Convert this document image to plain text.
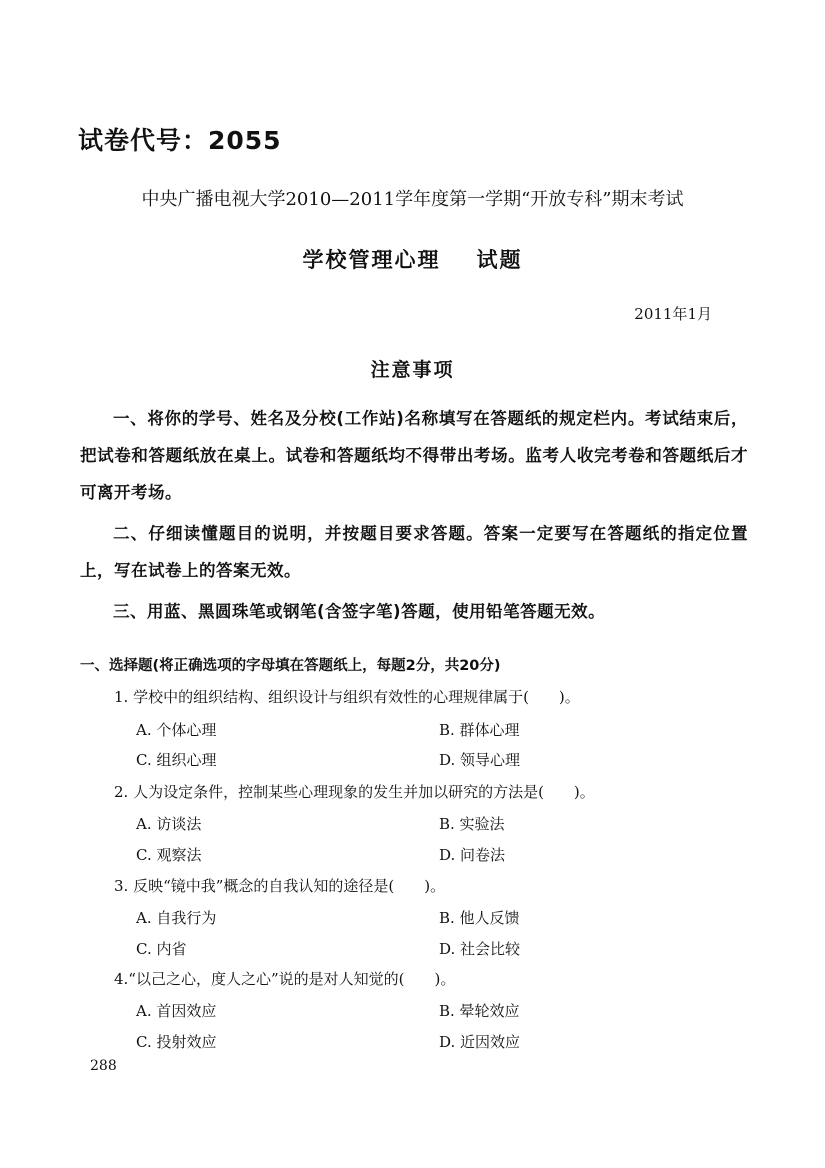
试卷代号：2055
中央广播电视大学2010—2011学年度第一学期“开放专科”期末考试
学校管理心理 试题
2011年1月
注意事项

一、将你的学号、姓名及分校(工作站)名称填写在答题纸的规定栏内。考试结束后，把试卷和答题纸放在桌上。试卷和答题纸均不得带出考场。监考人收完考卷和答题纸后才可离开考场。

二、仔细读懂题目的说明，并按题目要求答题。答案一定要写在答题纸的指定位置上，写在试卷上的答案无效。

三、用蓝、黑圆珠笔或钢笔(含签字笔)答题，使用铅笔答题无效。

一、选择题(将正确选项的字母填在答题纸上，每题2分，共20分)
1. 学校中的组织结构、组织设计与组织有效性的心理规律属于(　　)。
A. 个体心理	B. 群体心理
C. 组织心理	D. 领导心理
2. 人为设定条件，控制某些心理现象的发生并加以研究的方法是(　　)。
A. 访谈法	B. 实验法
C. 观察法	D. 问卷法
3. 反映“镜中我”概念的自我认知的途径是(　　)。
A. 自我行为	B. 他人反馈
C. 内省	D. 社会比较
4.“以己之心，度人之心”说的是对人知觉的(　　)。
A. 首因效应	B. 晕轮效应
C. 投射效应	D. 近因效应
288
